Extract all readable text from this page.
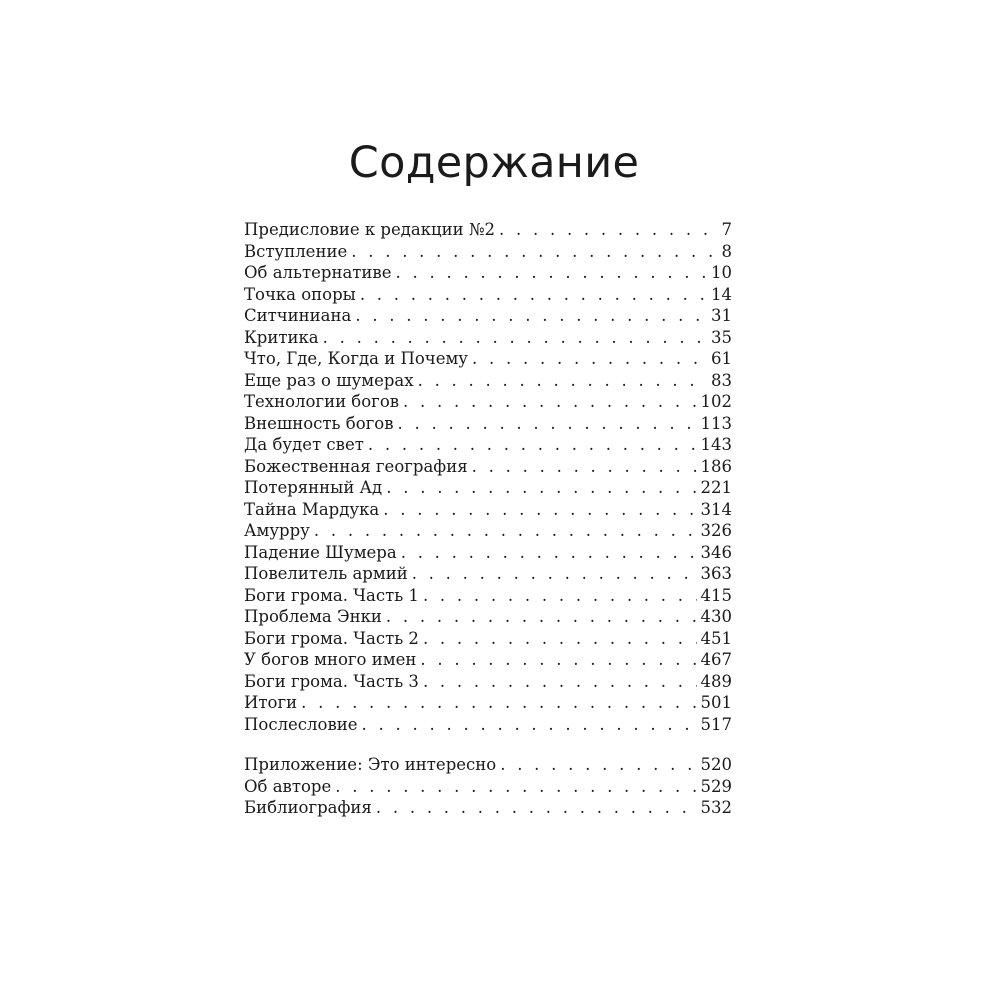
Содержание
Предисловие к редакции №2 . . .	7
Вступление . . .	8
Об альтернативе . . .	10
Точка опоры . . .	14
Ситчиниана . . .	31
Критика . . .	35
Что, Где, Когда и Почему . . .	61
Еще раз о шумерах . . .	83
Технологии богов . . .	102
Внешность богов . . .	113
Да будет свет . . .	143
Божественная география . . .	186
Потерянный Ад . . .	221
Тайна Мардука . . .	314
Амурру . . .	326
Падение Шумера . . .	346
Повелитель армий . . .	363
Боги грома. Часть 1 . . .	415
Проблема Энки . . .	430
Боги грома. Часть 2 . . .	451
У богов много имен . . .	467
Боги грома. Часть 3 . . .	489
Итоги . . .	501
Послесловие . . .	517
Приложение: Это интересно . . .	520
Об авторе . . .	529
Библиография . . .	532
